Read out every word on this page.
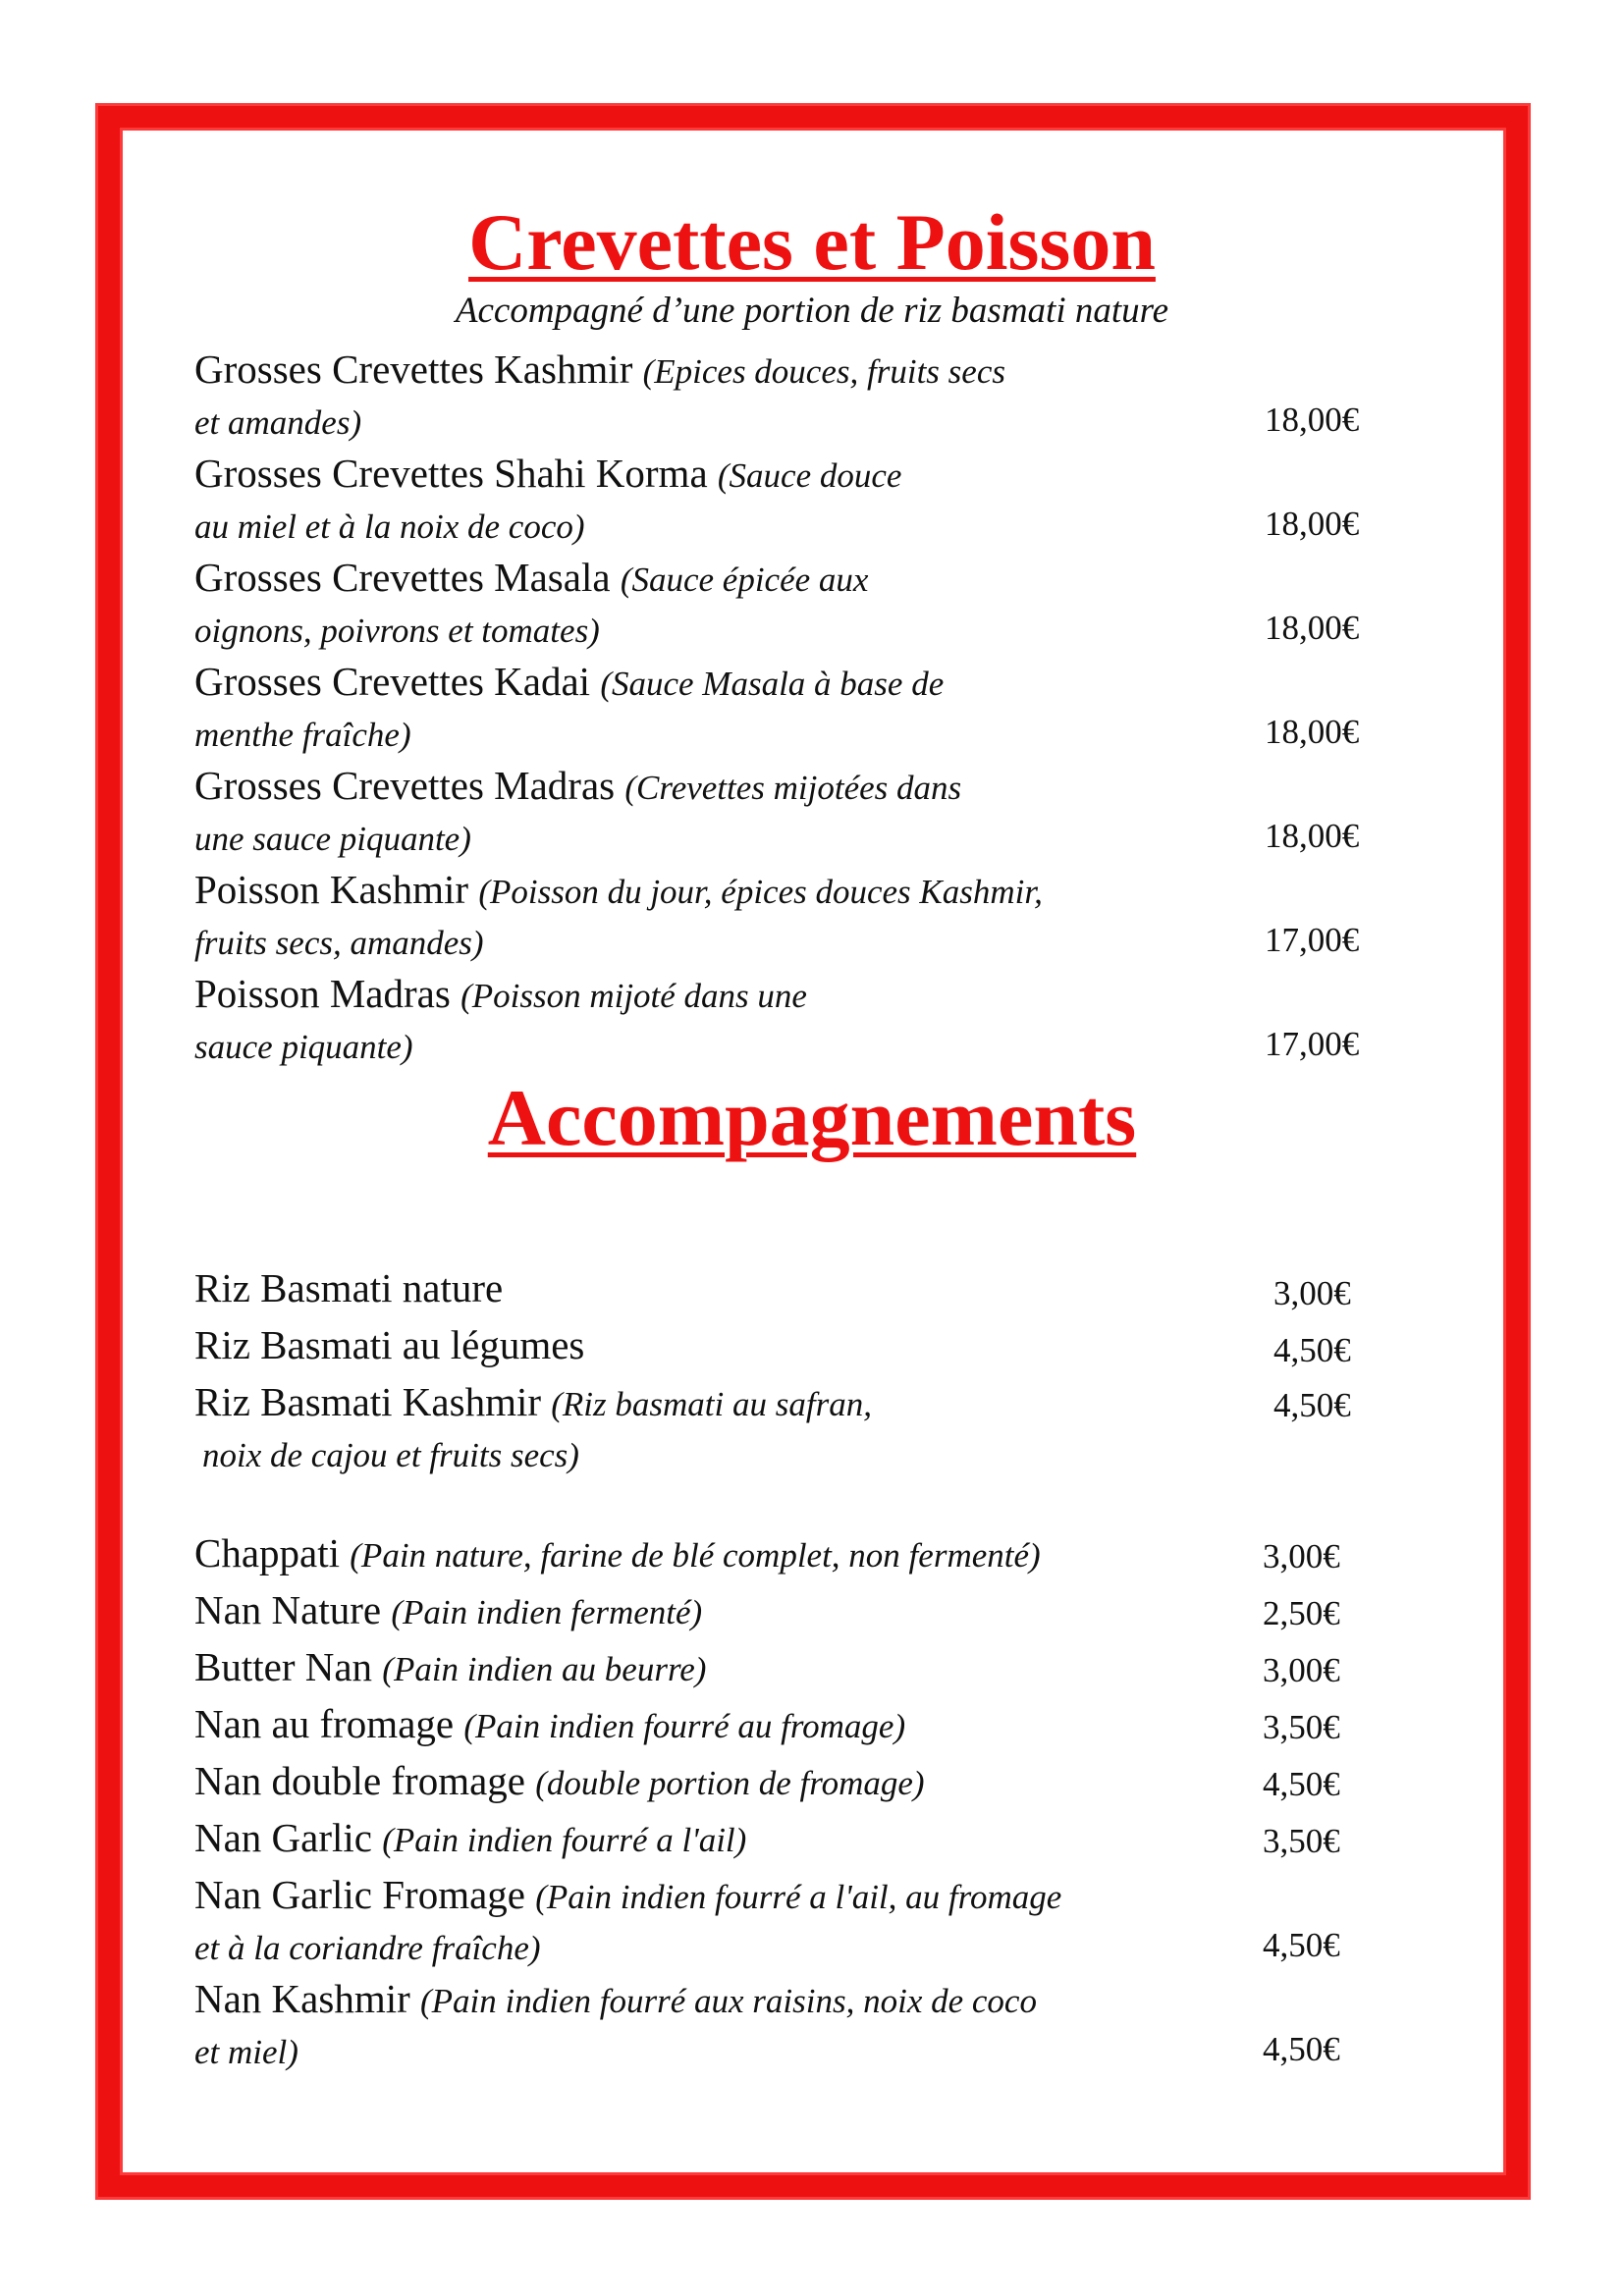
Crevettes et Poisson
Accompagné d’une portion de riz basmati nature
Grosses Crevettes Kashmir (Epices douces, fruits secs
et amandes)	18,00€
Grosses Crevettes Shahi Korma (Sauce douce
au miel et à la noix de coco)	18,00€
Grosses Crevettes Masala (Sauce épicée aux
oignons, poivrons et tomates)	18,00€
Grosses Crevettes Kadai (Sauce Masala à base de
menthe fraîche)	18,00€
Grosses Crevettes Madras (Crevettes mijotées dans
une sauce piquante)	18,00€
Poisson Kashmir (Poisson du jour, épices douces Kashmir,
fruits secs, amandes)	17,00€
Poisson Madras (Poisson mijoté dans une
sauce piquante)	17,00€
Accompagnements
Riz Basmati nature	3,00€
Riz Basmati au légumes	4,50€
Riz Basmati Kashmir (Riz basmati au safran,
noix de cajou et fruits secs)
4,50€
Chappati (Pain nature, farine de blé complet, non fermenté)	3,00€
Nan Nature (Pain indien fermenté)	2,50€
Butter Nan (Pain indien au beurre)	3,00€
Nan au fromage (Pain indien fourré au fromage)	3,50€
Nan double fromage (double portion de fromage)	4,50€
Nan Garlic (Pain indien fourré a l'ail)	3,50€
Nan Garlic Fromage (Pain indien fourré a l'ail, au fromage
et à la coriandre fraîche)	4,50€
Nan Kashmir (Pain indien fourré aux raisins, noix de coco
et miel)	4,50€
